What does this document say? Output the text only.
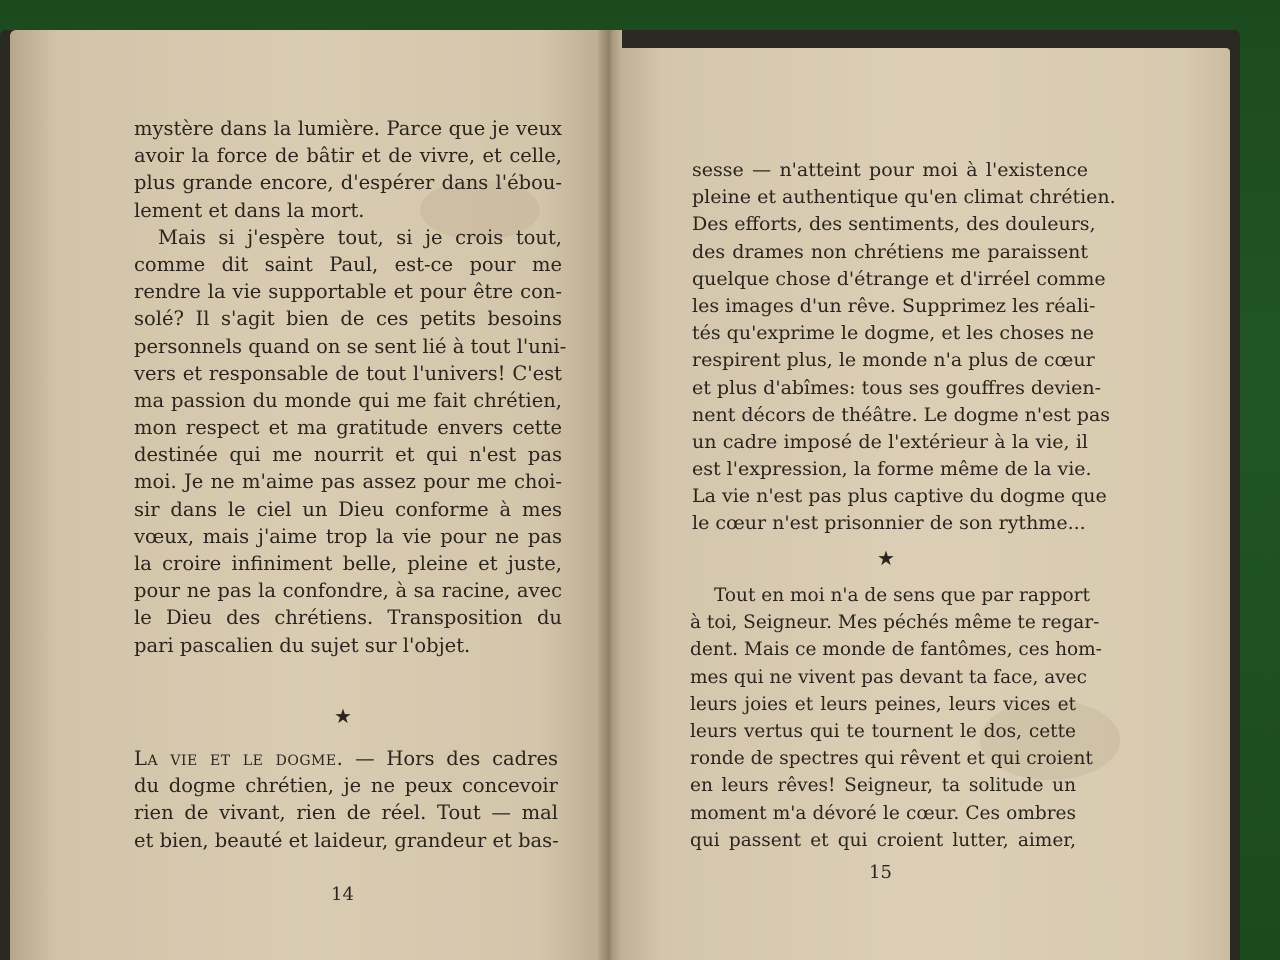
mystère dans la lumière. Parce que je veux
avoir la force de bâtir et de vivre, et celle,
plus grande encore, d'espérer dans l'ébou-
lement et dans la mort.
Mais si j'espère tout, si je crois tout,
comme dit saint Paul, est-ce pour me
rendre la vie supportable et pour être con-
solé? Il s'agit bien de ces petits besoins
personnels quand on se sent lié à tout l'uni-
vers et responsable de tout l'univers! C'est
ma passion du monde qui me fait chrétien,
mon respect et ma gratitude envers cette
destinée qui me nourrit et qui n'est pas
moi. Je ne m'aime pas assez pour me choi-
sir dans le ciel un Dieu conforme à mes
vœux, mais j'aime trop la vie pour ne pas
la croire infiniment belle, pleine et juste,
pour ne pas la confondre, à sa racine, avec
le Dieu des chrétiens. Transposition du
pari pascalien du sujet sur l'objet.
★
La vie et le dogme. — Hors des cadres
du dogme chrétien, je ne peux concevoir
rien de vivant, rien de réel. Tout — mal
et bien, beauté et laideur, grandeur et bas-
14
sesse — n'atteint pour moi à l'existence
pleine et authentique qu'en climat chrétien.
Des efforts, des sentiments, des douleurs,
des drames non chrétiens me paraissent
quelque chose d'étrange et d'irréel comme
les images d'un rêve. Supprimez les réali-
tés qu'exprime le dogme, et les choses ne
respirent plus, le monde n'a plus de cœur
et plus d'abîmes: tous ses gouffres devien-
nent décors de théâtre. Le dogme n'est pas
un cadre imposé de l'extérieur à la vie, il
est l'expression, la forme même de la vie.
La vie n'est pas plus captive du dogme que
le cœur n'est prisonnier de son rythme...
★
Tout en moi n'a de sens que par rapport
à toi, Seigneur. Mes péchés même te regar-
dent. Mais ce monde de fantômes, ces hom-
mes qui ne vivent pas devant ta face, avec
leurs joies et leurs peines, leurs vices et
leurs vertus qui te tournent le dos, cette
ronde de spectres qui rêvent et qui croient
en leurs rêves! Seigneur, ta solitude un
moment m'a dévoré le cœur. Ces ombres
qui passent et qui croient lutter, aimer,
15
